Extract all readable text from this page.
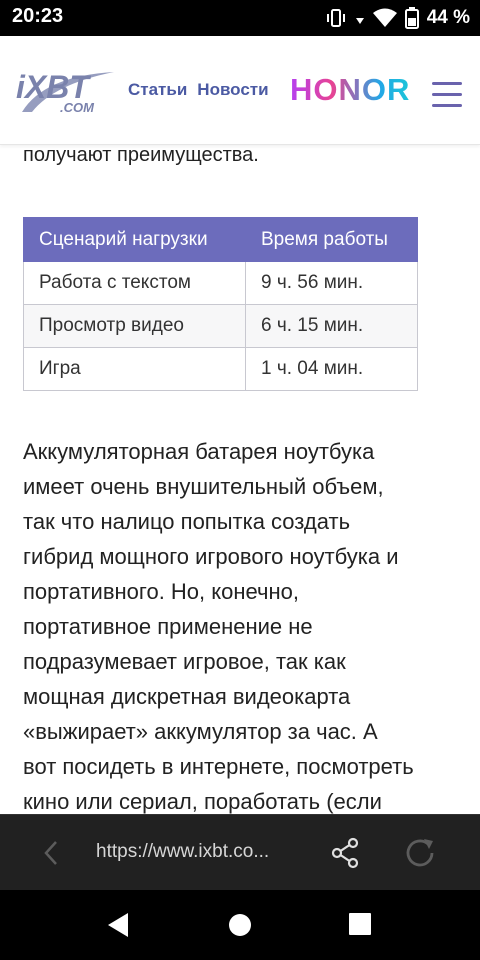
20:23	44 %
iXBT
.COM
Статьи Новости HONOR
получают преимущества.
Сценарий нагрузки	Время работы
Работа с текстом	9 ч. 56 мин.
Просмотр видео	6 ч. 15 мин.
Игра	1 ч. 04 мин.
Аккумуляторная батарея ноутбука
имеет очень внушительный объем,
так что налицо попытка создать
гибрид мощного игрового ноутбука и
портативного. Но, конечно,
портативное применение не
подразумевает игровое, так как
мощная дискретная видеокарта
«выжирает» аккумулятор за час. А
вот посидеть в интернете, посмотреть
кино или сериал, поработать (если
https://www.ixbt.co...
